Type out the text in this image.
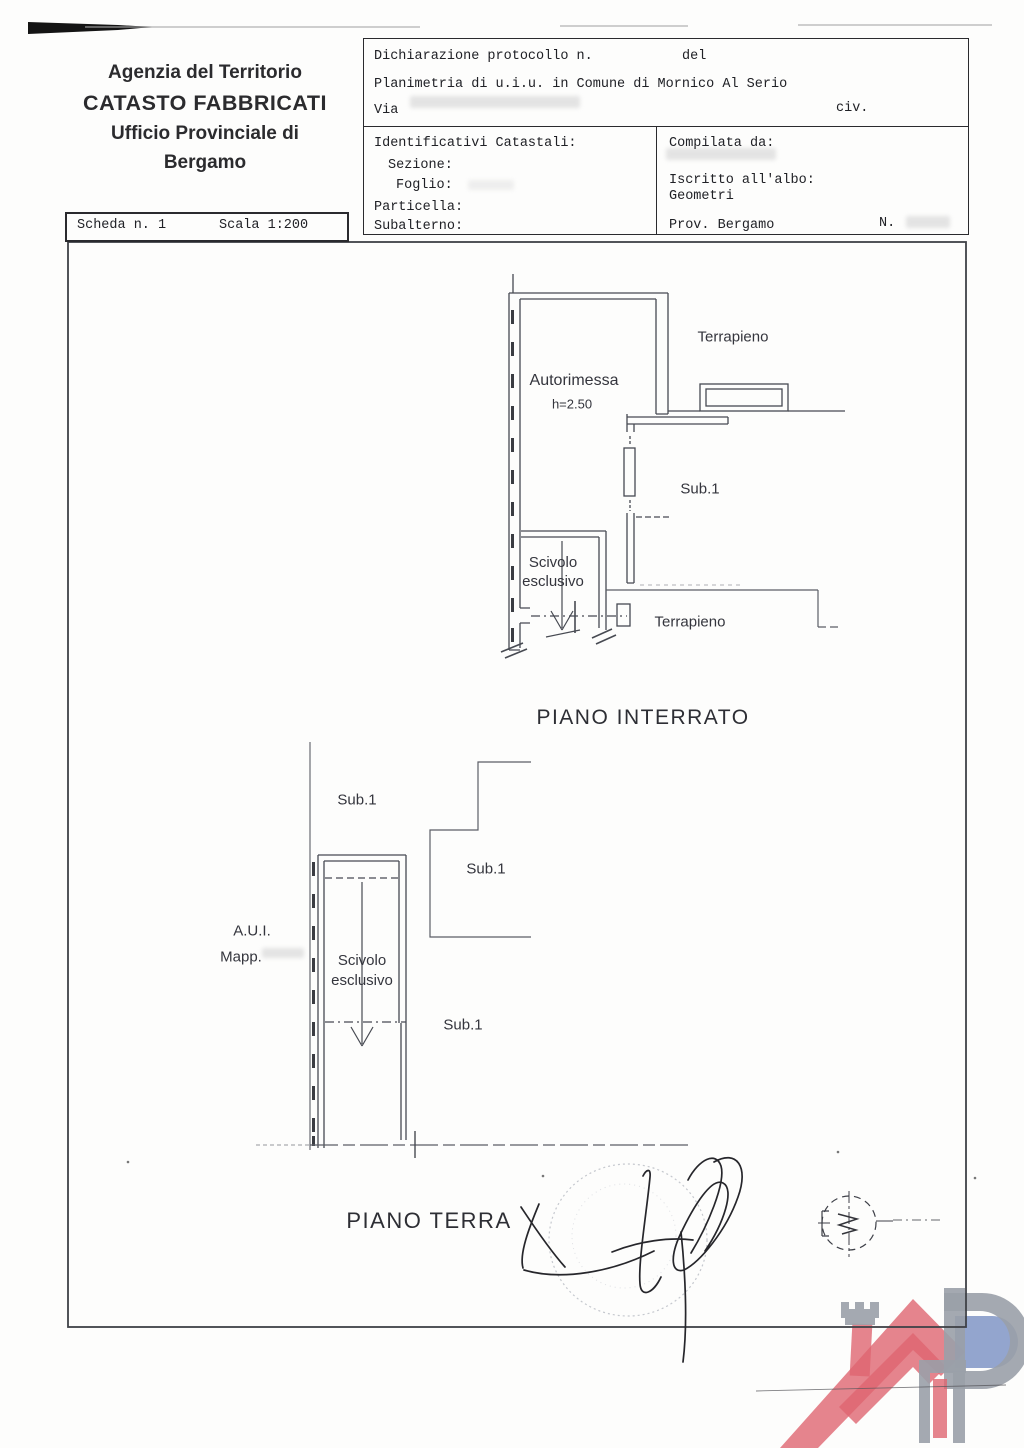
Agenzia del Territorio
CATASTO FABBRICATI
Ufficio Provinciale di
Bergamo
Scheda n. 1	Scala 1:200
Dichiarazione protocollo n.	del
Planimetria di u.i.u. in Comune di Mornico Al Serio
Via	civ.
Identificativi Catastali:
Sezione:
Foglio:
Particella:
Subalterno:
Compilata da:
Iscritto all'albo:
Geometri
Prov. Bergamo	N.
Terrapieno
Autorimessa
h=2.50
Sub.1
Scivolo
esclusivo
Terrapieno
PIANO INTERRATO
Sub.1
Sub.1
A.U.I.
Mapp.	Scivolo
esclusivo
Sub.1
PIANO TERRA
